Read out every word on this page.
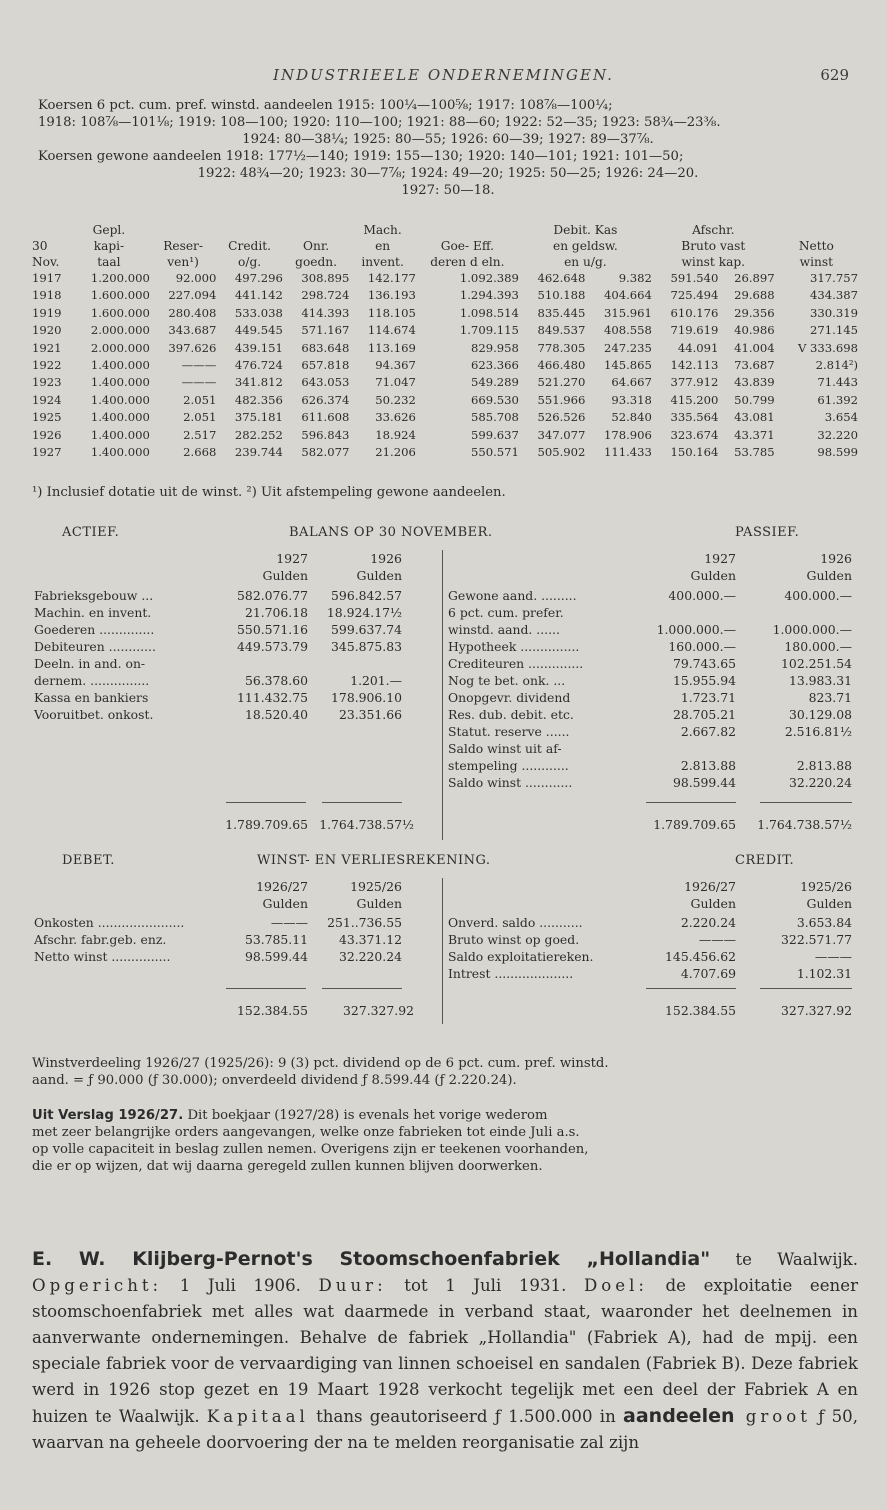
INDUSTRIEELE ONDERNEMINGEN.	629

Koersen 6 pct. cum. pref. winstd. aandeelen 1915: 100¼—100⅝; 1917: 108⅞—100¼;

1918: 108⅞—101⅛; 1919: 108—100; 1920: 110—100; 1921: 88—60; 1922: 52—35; 1923: 58¾—23⅜.

1924: 80—38¼; 1925: 80—55; 1926: 60—39; 1927: 89—37⅞.

Koersen gewone aandeelen 1918: 177½—140; 1919: 155—130; 1920: 140—101; 1921: 101—50;

1922: 48¾—20; 1923: 30—7⅞; 1924: 49—20; 1925: 50—25; 1926: 24—20.

1927: 50—18.

	Gepl.				Mach.		Debit. Kas		Afschr.		
30	kapi-	Reser-	Credit.	Onr.	en	Goe- Eff.	en geldsw.		Bruto vast		Netto
Nov.	taal	ven¹)	o/g.	goedn.	invent.	deren d eln.	en u/g.		winst kap.		winst
1917	1.200.000	92.000	497.296	308.895	142.177	1.092.389	462.648	9.382	591.540	26.897	317.757
1918	1.600.000	227.094	441.142	298.724	136.193	1.294.393	510.188	404.664	725.494	29.688	434.387
1919	1.600.000	280.408	533.038	414.393	118.105	1.098.514	835.445	315.961	610.176	29.356	330.319
1920	2.000.000	343.687	449.545	571.167	114.674	1.709.115	849.537	408.558	719.619	40.986	271.145
1921	2.000.000	397.626	439.151	683.648	113.169	829.958	778.305	247.235	44.091	41.004	V 333.698
1922	1.400.000	———	476.724	657.818	94.367	623.366	466.480	145.865	142.113	73.687	2.814²)
1923	1.400.000	———	341.812	643.053	71.047	549.289	521.270	64.667	377.912	43.839	71.443
1924	1.400.000	2.051	482.356	626.374	50.232	669.530	551.966	93.318	415.200	50.799	61.392
1925	1.400.000	2.051	375.181	611.608	33.626	585.708	526.526	52.840	335.564	43.081	3.654
1926	1.400.000	2.517	282.252	596.843	18.924	599.637	347.077	178.906	323.674	43.371	32.220
1927	1.400.000	2.668	239.744	582.077	21.206	550.571	505.902	111.433	150.164	53.785	98.599
¹) Inclusief dotatie uit de winst. ²) Uit afstempeling gewone aandeelen.
ACTIEF.	BALANS OP 30 NOVEMBER.	PASSIEF.
1927	1926	1927	1926
Gulden	Gulden	Gulden	Gulden
Fabrieksgebouw ...	582.076.77	596.842.57
Machin. en invent.	21.706.18	18.924.17½
Goederen ..............	550.571.16	599.637.74
Debiteuren ............	449.573.79	345.875.83
Deeln. in and. on-
dernem. ...............	56.378.60	1.201.—
Kassa en bankiers	111.432.75	178.906.10
Vooruitbet. onkost.	18.520.40	23.351.66
Gewone aand. .........	400.000.—	400.000.—
6 pct. cum. prefer.
winstd. aand. ......	1.000.000.—	1.000.000.—
Hypotheek ...............	160.000.—	180.000.—
Crediteuren ..............	79.743.65	102.251.54
Nog te bet. onk. ...	15.955.94	13.983.31
Onopgevr. dividend	1.723.71	823.71
Res. dub. debit. etc.	28.705.21	30.129.08
Statut. reserve ......	2.667.82	2.516.81½
Saldo winst uit af-
stempeling ............	2.813.88	2.813.88
Saldo winst ............	98.599.44	32.220.24
1.789.709.65 1.764.738.57½	1.789.709.65	1.764.738.57½
DEBET.	WINST- EN VERLIESREKENING.	CREDIT.
1926/27	1925/26	1926/27	1925/26
Gulden	Gulden	Gulden	Gulden
Onkosten ......................	———	251..736.55
Afschr. fabr.geb. enz.	53.785.11	43.371.12
Netto winst ...............	98.599.44	32.220.24
Onverd. saldo ...........	2.220.24	3.653.84
Bruto winst op goed.	———	322.571.77
Saldo exploitatiereken.	145.456.62	———
Intrest ....................	4.707.69	1.102.31
152.384.55	327.327.92	152.384.55	327.327.92
Winstverdeeling 1926/27 (1925/26): 9 (3) pct. dividend op de 6 pct. cum. pref. winstd.
aand. = ƒ 90.000 (ƒ 30.000); onverdeeld dividend ƒ 8.599.44 (ƒ 2.220.24).
Uit Verslag 1926/27. Dit boekjaar (1927/28) is evenals het vorige wederom
met zeer belangrijke orders aangevangen, welke onze fabrieken tot einde Juli a.s.
op volle capaciteit in beslag zullen nemen. Overigens zijn er teekenen voorhanden,
die er op wijzen, dat wij daarna geregeld zullen kunnen blijven doorwerken.
E. W. Klijberg-Pernot's Stoomschoenfabriek „Hollandia" te Waalwijk. Opgericht: 1 Juli 1906. Duur: tot 1 Juli 1931. Doel: de exploitatie eener stoomschoenfabriek met alles wat daarmede in verband staat, waaronder het deelnemen in aanverwante ondernemingen. Behalve de fabriek „Hollandia" (Fabriek A), had de mpij. een speciale fabriek voor de vervaardiging van linnen schoeisel en sandalen (Fabriek B). Deze fabriek werd in 1926 stop gezet en 19 Maart 1928 verkocht tegelijk met een deel der Fabriek A en huizen te Waalwijk. Kapitaal thans geautoriseerd ƒ 1.500.000 in aandeelen groot ƒ 50, waarvan na geheele doorvoering der na te melden reorganisatie zal zijn
